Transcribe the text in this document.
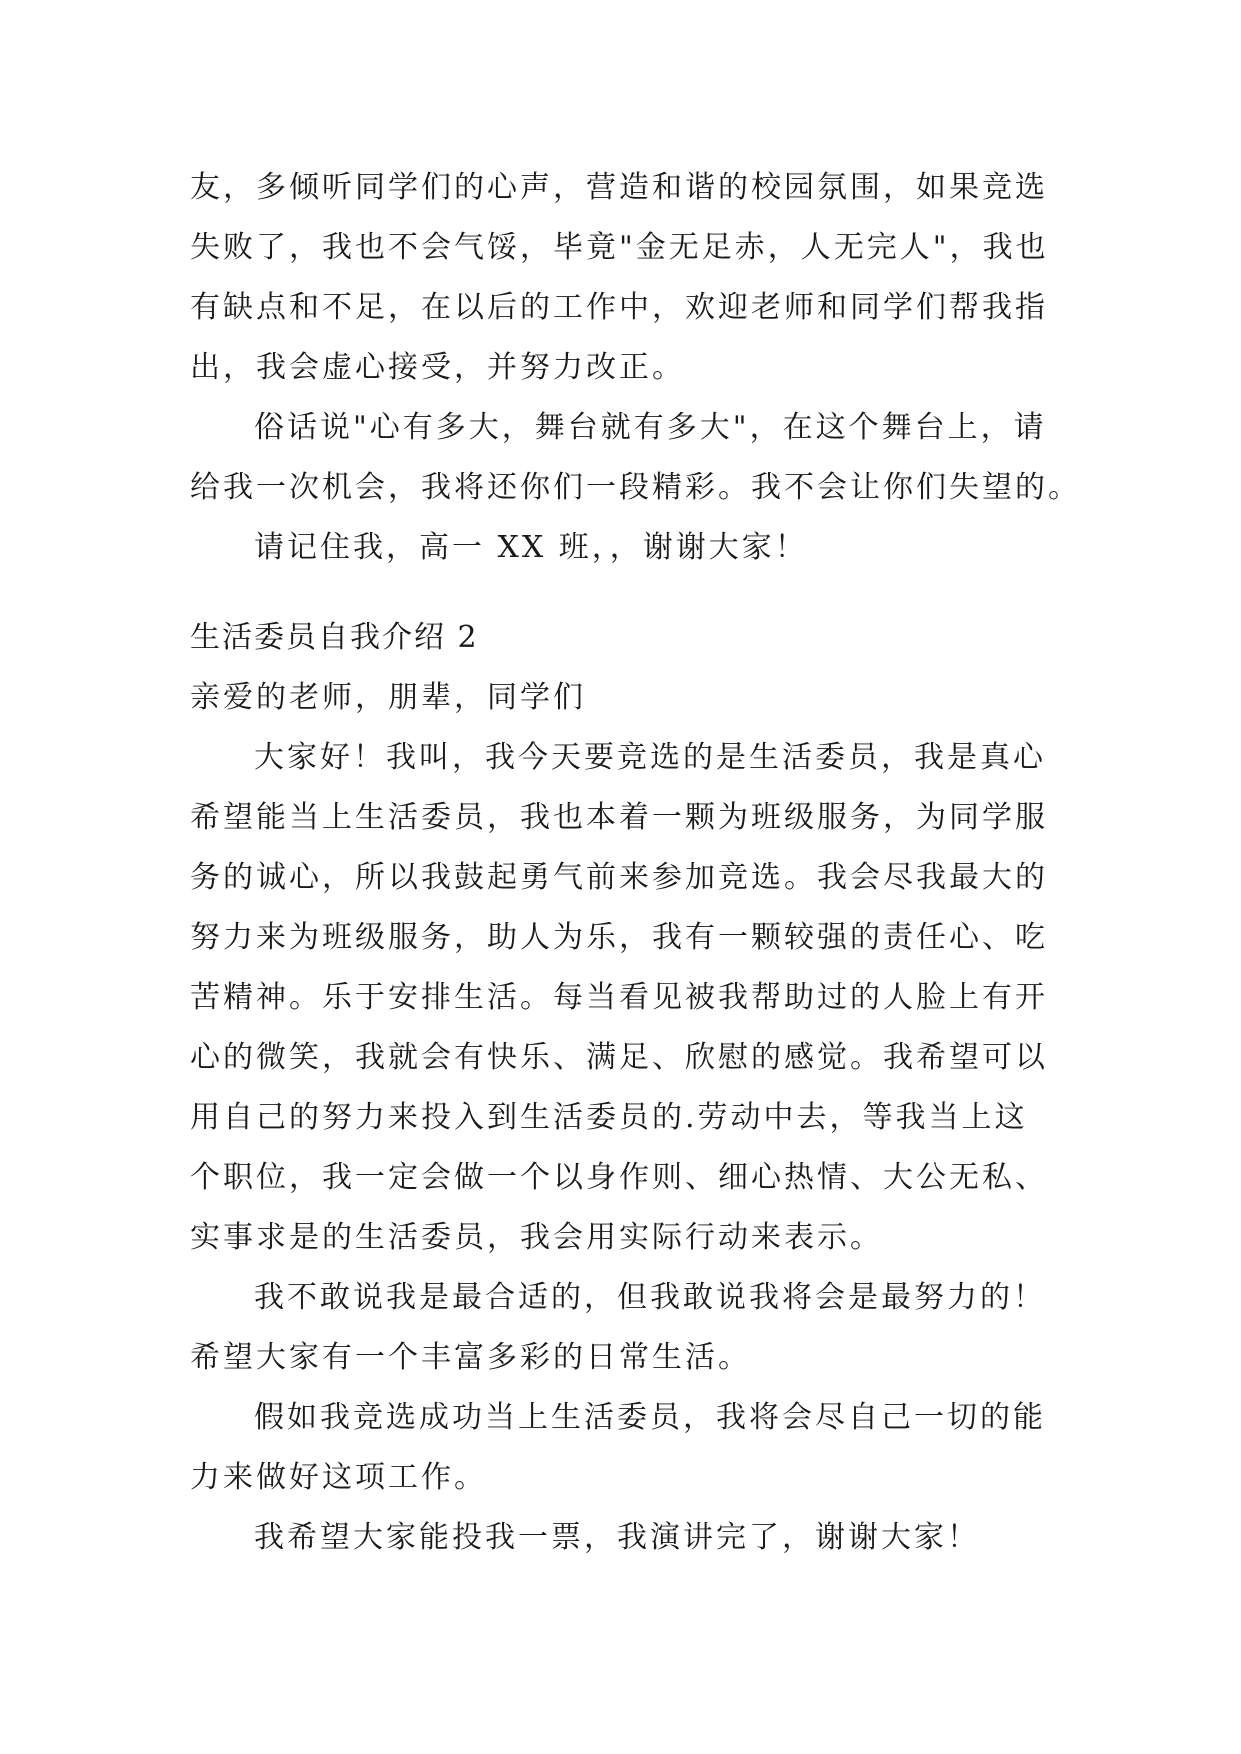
友，多倾听同学们的心声，营造和谐的校园氛围，如果竞选
失败了，我也不会气馁，毕竟"金无足赤，人无完人"，我也
有缺点和不足，在以后的工作中，欢迎老师和同学们帮我指
出，我会虚心接受，并努力改正。
俗话说"心有多大，舞台就有多大"，在这个舞台上，请
给我一次机会，我将还你们一段精彩。我不会让你们失望的。
请记住我，高一 XX 班，，谢谢大家！
生活委员自我介绍 2
亲爱的老师，朋辈，同学们
大家好！我叫，我今天要竞选的是生活委员，我是真心
希望能当上生活委员，我也本着一颗为班级服务，为同学服
务的诚心，所以我鼓起勇气前来参加竞选。我会尽我最大的
努力来为班级服务，助人为乐，我有一颗较强的责任心、吃
苦精神。乐于安排生活。每当看见被我帮助过的人脸上有开
心的微笑，我就会有快乐、满足、欣慰的感觉。我希望可以
用自己的努力来投入到生活委员的.劳动中去，等我当上这
个职位，我一定会做一个以身作则、细心热情、大公无私、
实事求是的生活委员，我会用实际行动来表示。
我不敢说我是最合适的，但我敢说我将会是最努力的！
希望大家有一个丰富多彩的日常生活。
假如我竞选成功当上生活委员，我将会尽自己一切的能
力来做好这项工作。
我希望大家能投我一票，我演讲完了，谢谢大家！
